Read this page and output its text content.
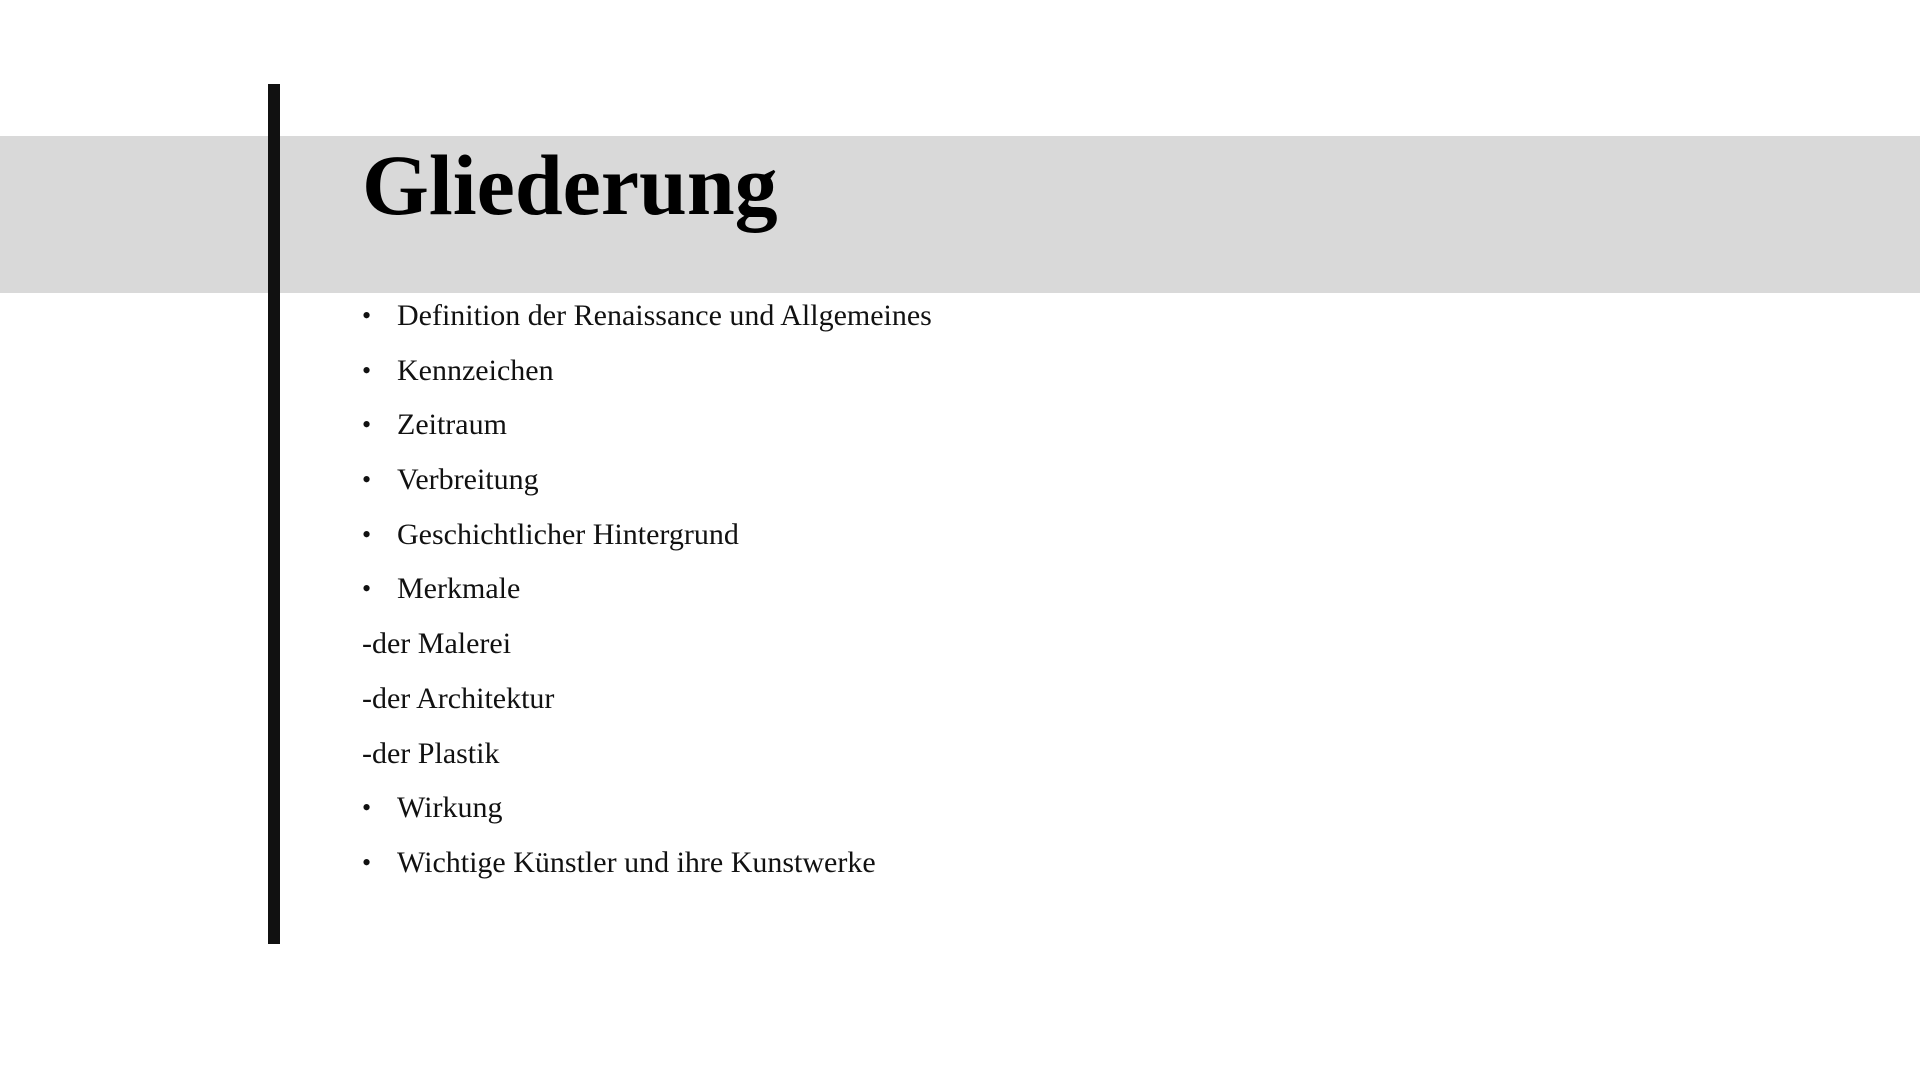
Gliederung
• Definition der Renaissance und Allgemeines
• Kennzeichen
• Zeitraum
• Verbreitung
• Geschichtlicher Hintergrund
• Merkmale
-der Malerei
-der Architektur
-der Plastik
• Wirkung
• Wichtige Künstler und ihre Kunstwerke
